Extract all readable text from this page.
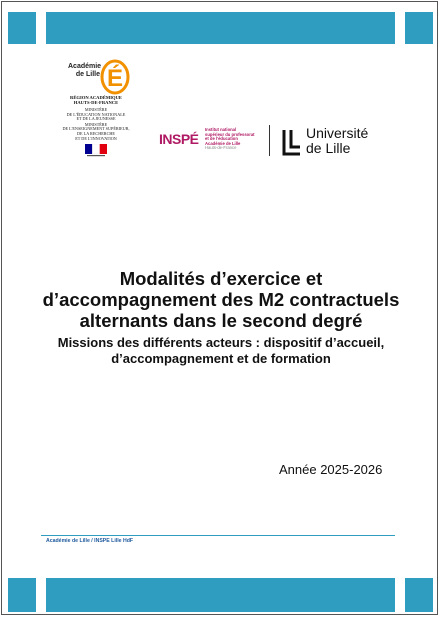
Académie
de Lille É
RÉGION ACADÉMIQUE
HAUTS-DE-FRANCE
MINISTÈRE
DE L'ÉDUCATION NATIONALE
ET DE LA JEUNESSE
MINISTÈRE
DE L'ENSEIGNEMENT SUPÉRIEUR,
DE LA RECHERCHE
ET DE L'INNOVATION	INSPÉ
Institut national
supérieur du professorat
et de l'éducation
Académie de Lille
Hauts-de-France
Université
de Lille
Modalités d’exercice et d’accompagnement des M2 contractuels alternants dans le second degré
Missions des différents acteurs : dispositif d’accueil, d’accompagnement et de formation
Année 2025-2026
Académie de Lille / INSPE Lille HdF
